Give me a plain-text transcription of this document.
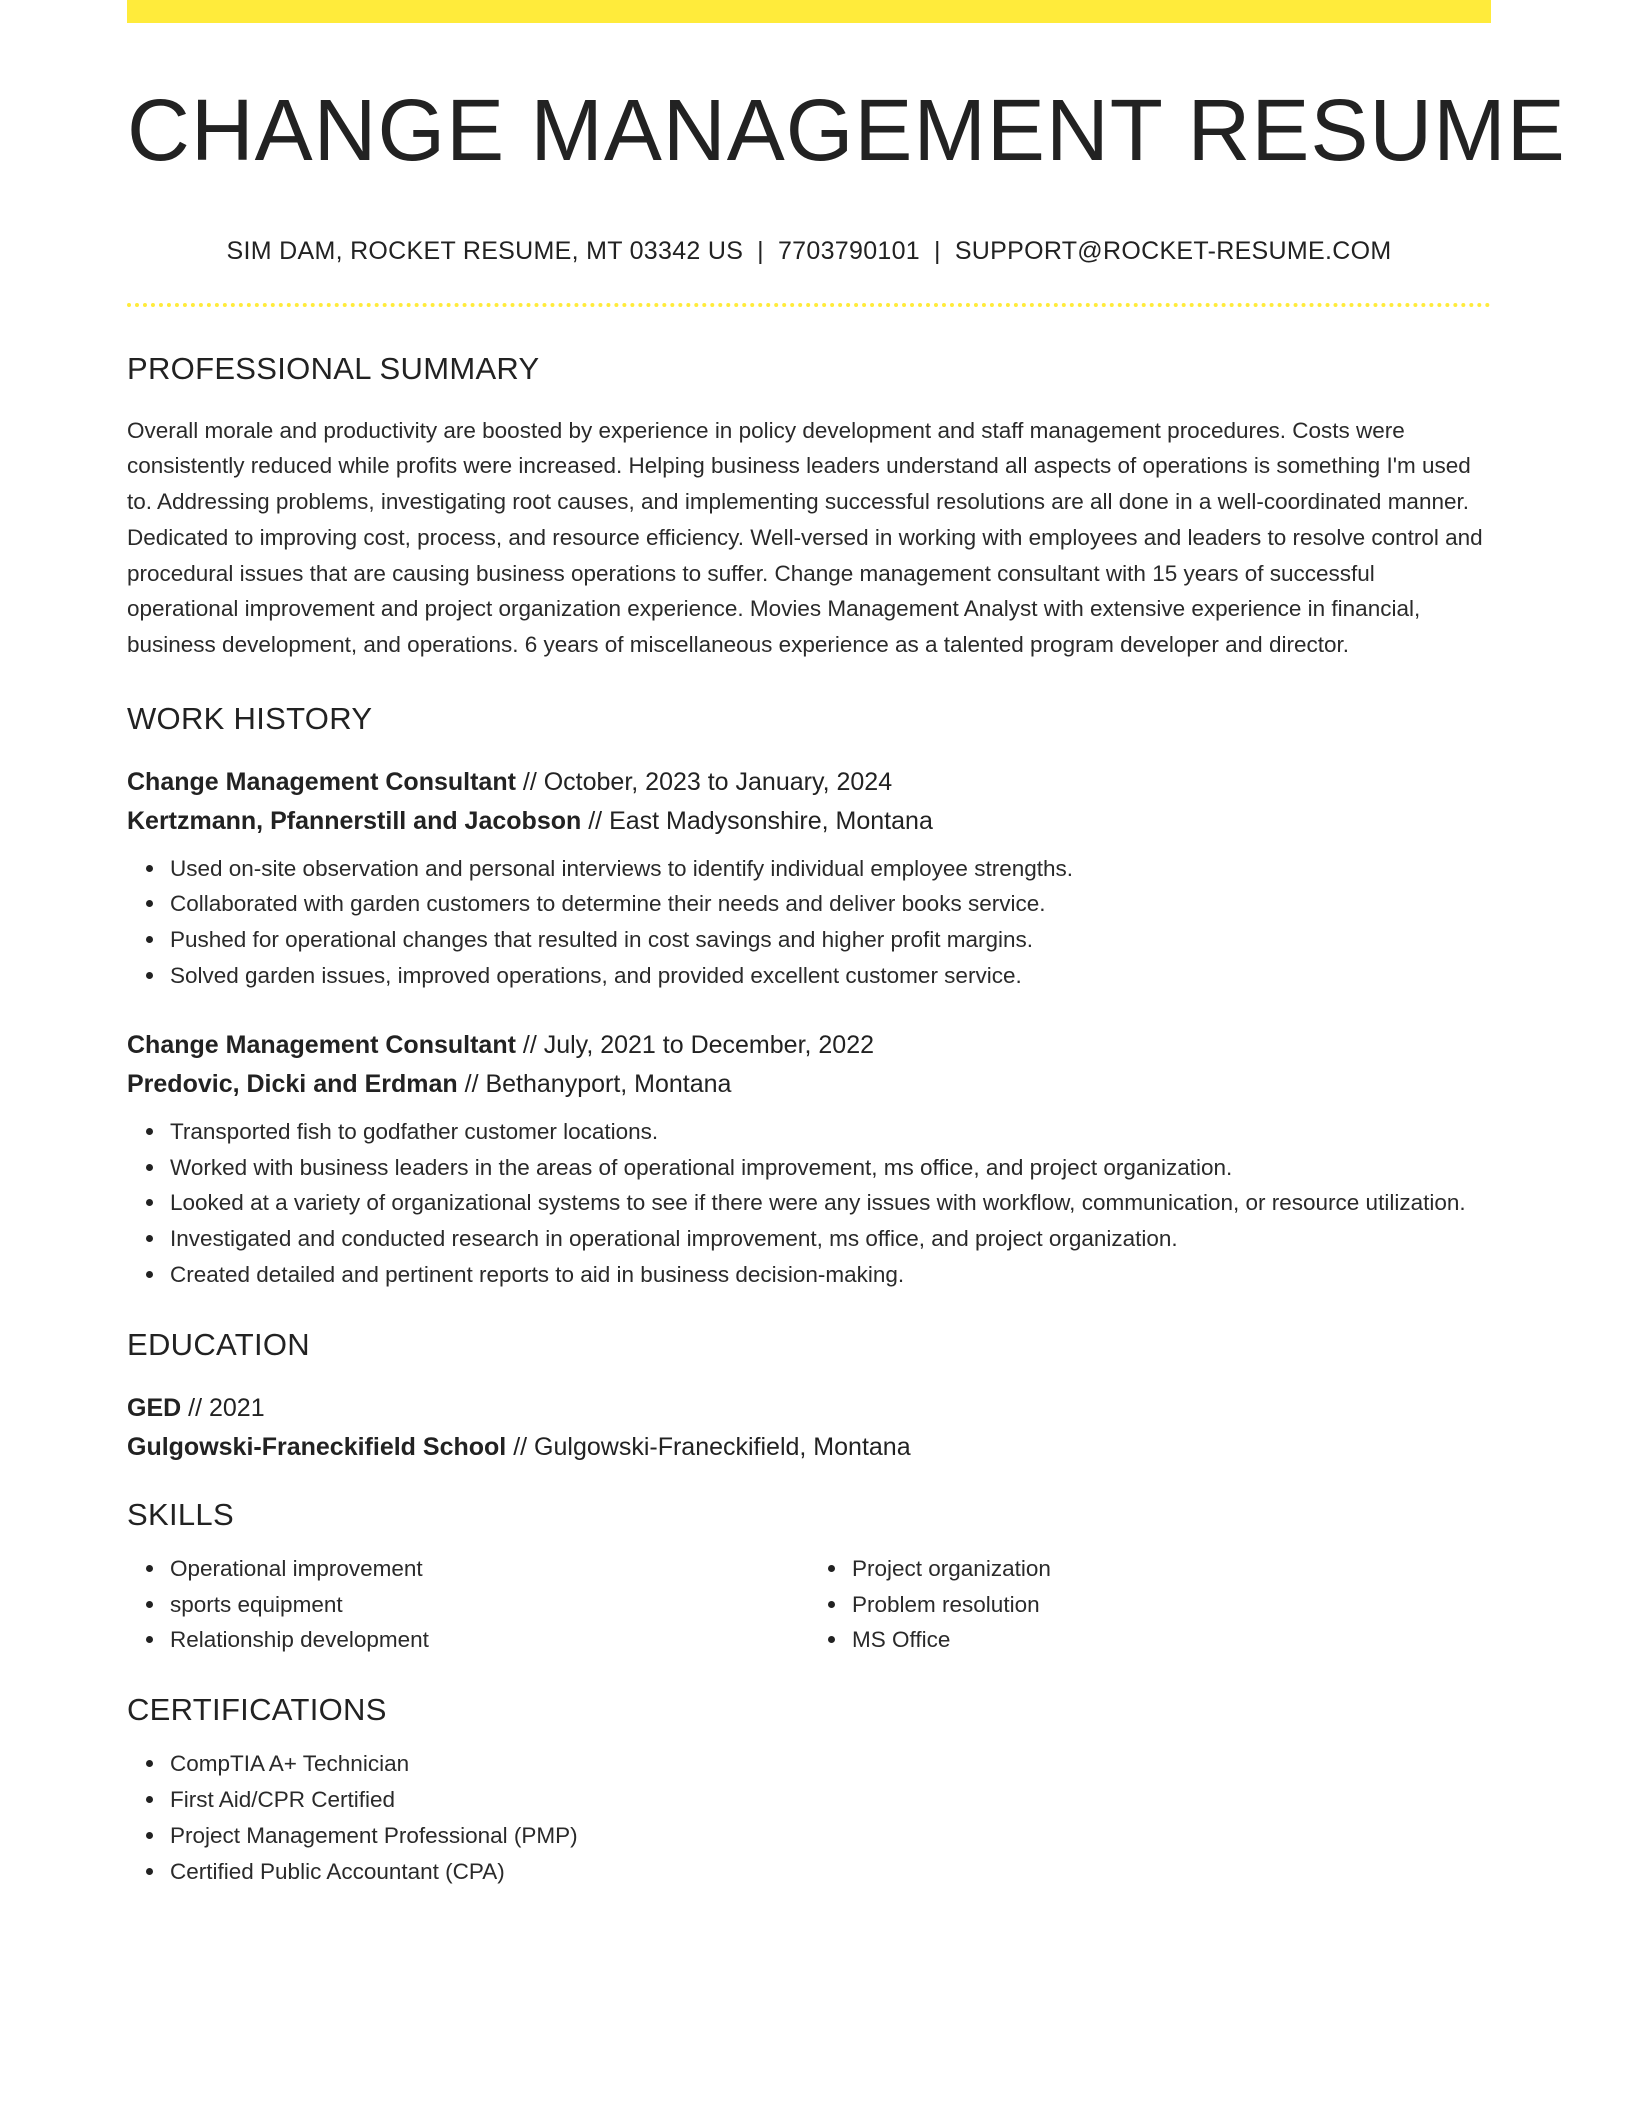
CHANGE MANAGEMENT RESUME
SIM DAM, ROCKET RESUME, MT 03342 US | 7703790101 | SUPPORT@ROCKET-RESUME.COM
PROFESSIONAL SUMMARY

Overall morale and productivity are boosted by experience in policy development and staff management procedures. Costs were consistently reduced while profits were increased. Helping business leaders understand all aspects of operations is something I'm used to. Addressing problems, investigating root causes, and implementing successful resolutions are all done in a well-coordinated manner. Dedicated to improving cost, process, and resource efficiency. Well-versed in working with employees and leaders to resolve control and procedural issues that are causing business operations to suffer. Change management consultant with 15 years of successful operational improvement and project organization experience. Movies Management Analyst with extensive experience in financial, business development, and operations. 6 years of miscellaneous experience as a talented program developer and director.

WORK HISTORY
Change Management Consultant // October, 2023 to January, 2024
Kertzmann, Pfannerstill and Jacobson // East Madysonshire, Montana
Used on-site observation and personal interviews to identify individual employee strengths.
Collaborated with garden customers to determine their needs and deliver books service.
Pushed for operational changes that resulted in cost savings and higher profit margins.
Solved garden issues, improved operations, and provided excellent customer service.
Change Management Consultant // July, 2021 to December, 2022
Predovic, Dicki and Erdman // Bethanyport, Montana
Transported fish to godfather customer locations.
Worked with business leaders in the areas of operational improvement, ms office, and project organization.
Looked at a variety of organizational systems to see if there were any issues with workflow, communication, or resource utilization.
Investigated and conducted research in operational improvement, ms office, and project organization.
Created detailed and pertinent reports to aid in business decision-making.
EDUCATION
GED // 2021
Gulgowski-Franeckifield School // Gulgowski-Franeckifield, Montana
SKILLS
Operational improvement
sports equipment
Relationship development
Project organization
Problem resolution
MS Office
CERTIFICATIONS
CompTIA A+ Technician
First Aid/CPR Certified
Project Management Professional (PMP)
Certified Public Accountant (CPA)
